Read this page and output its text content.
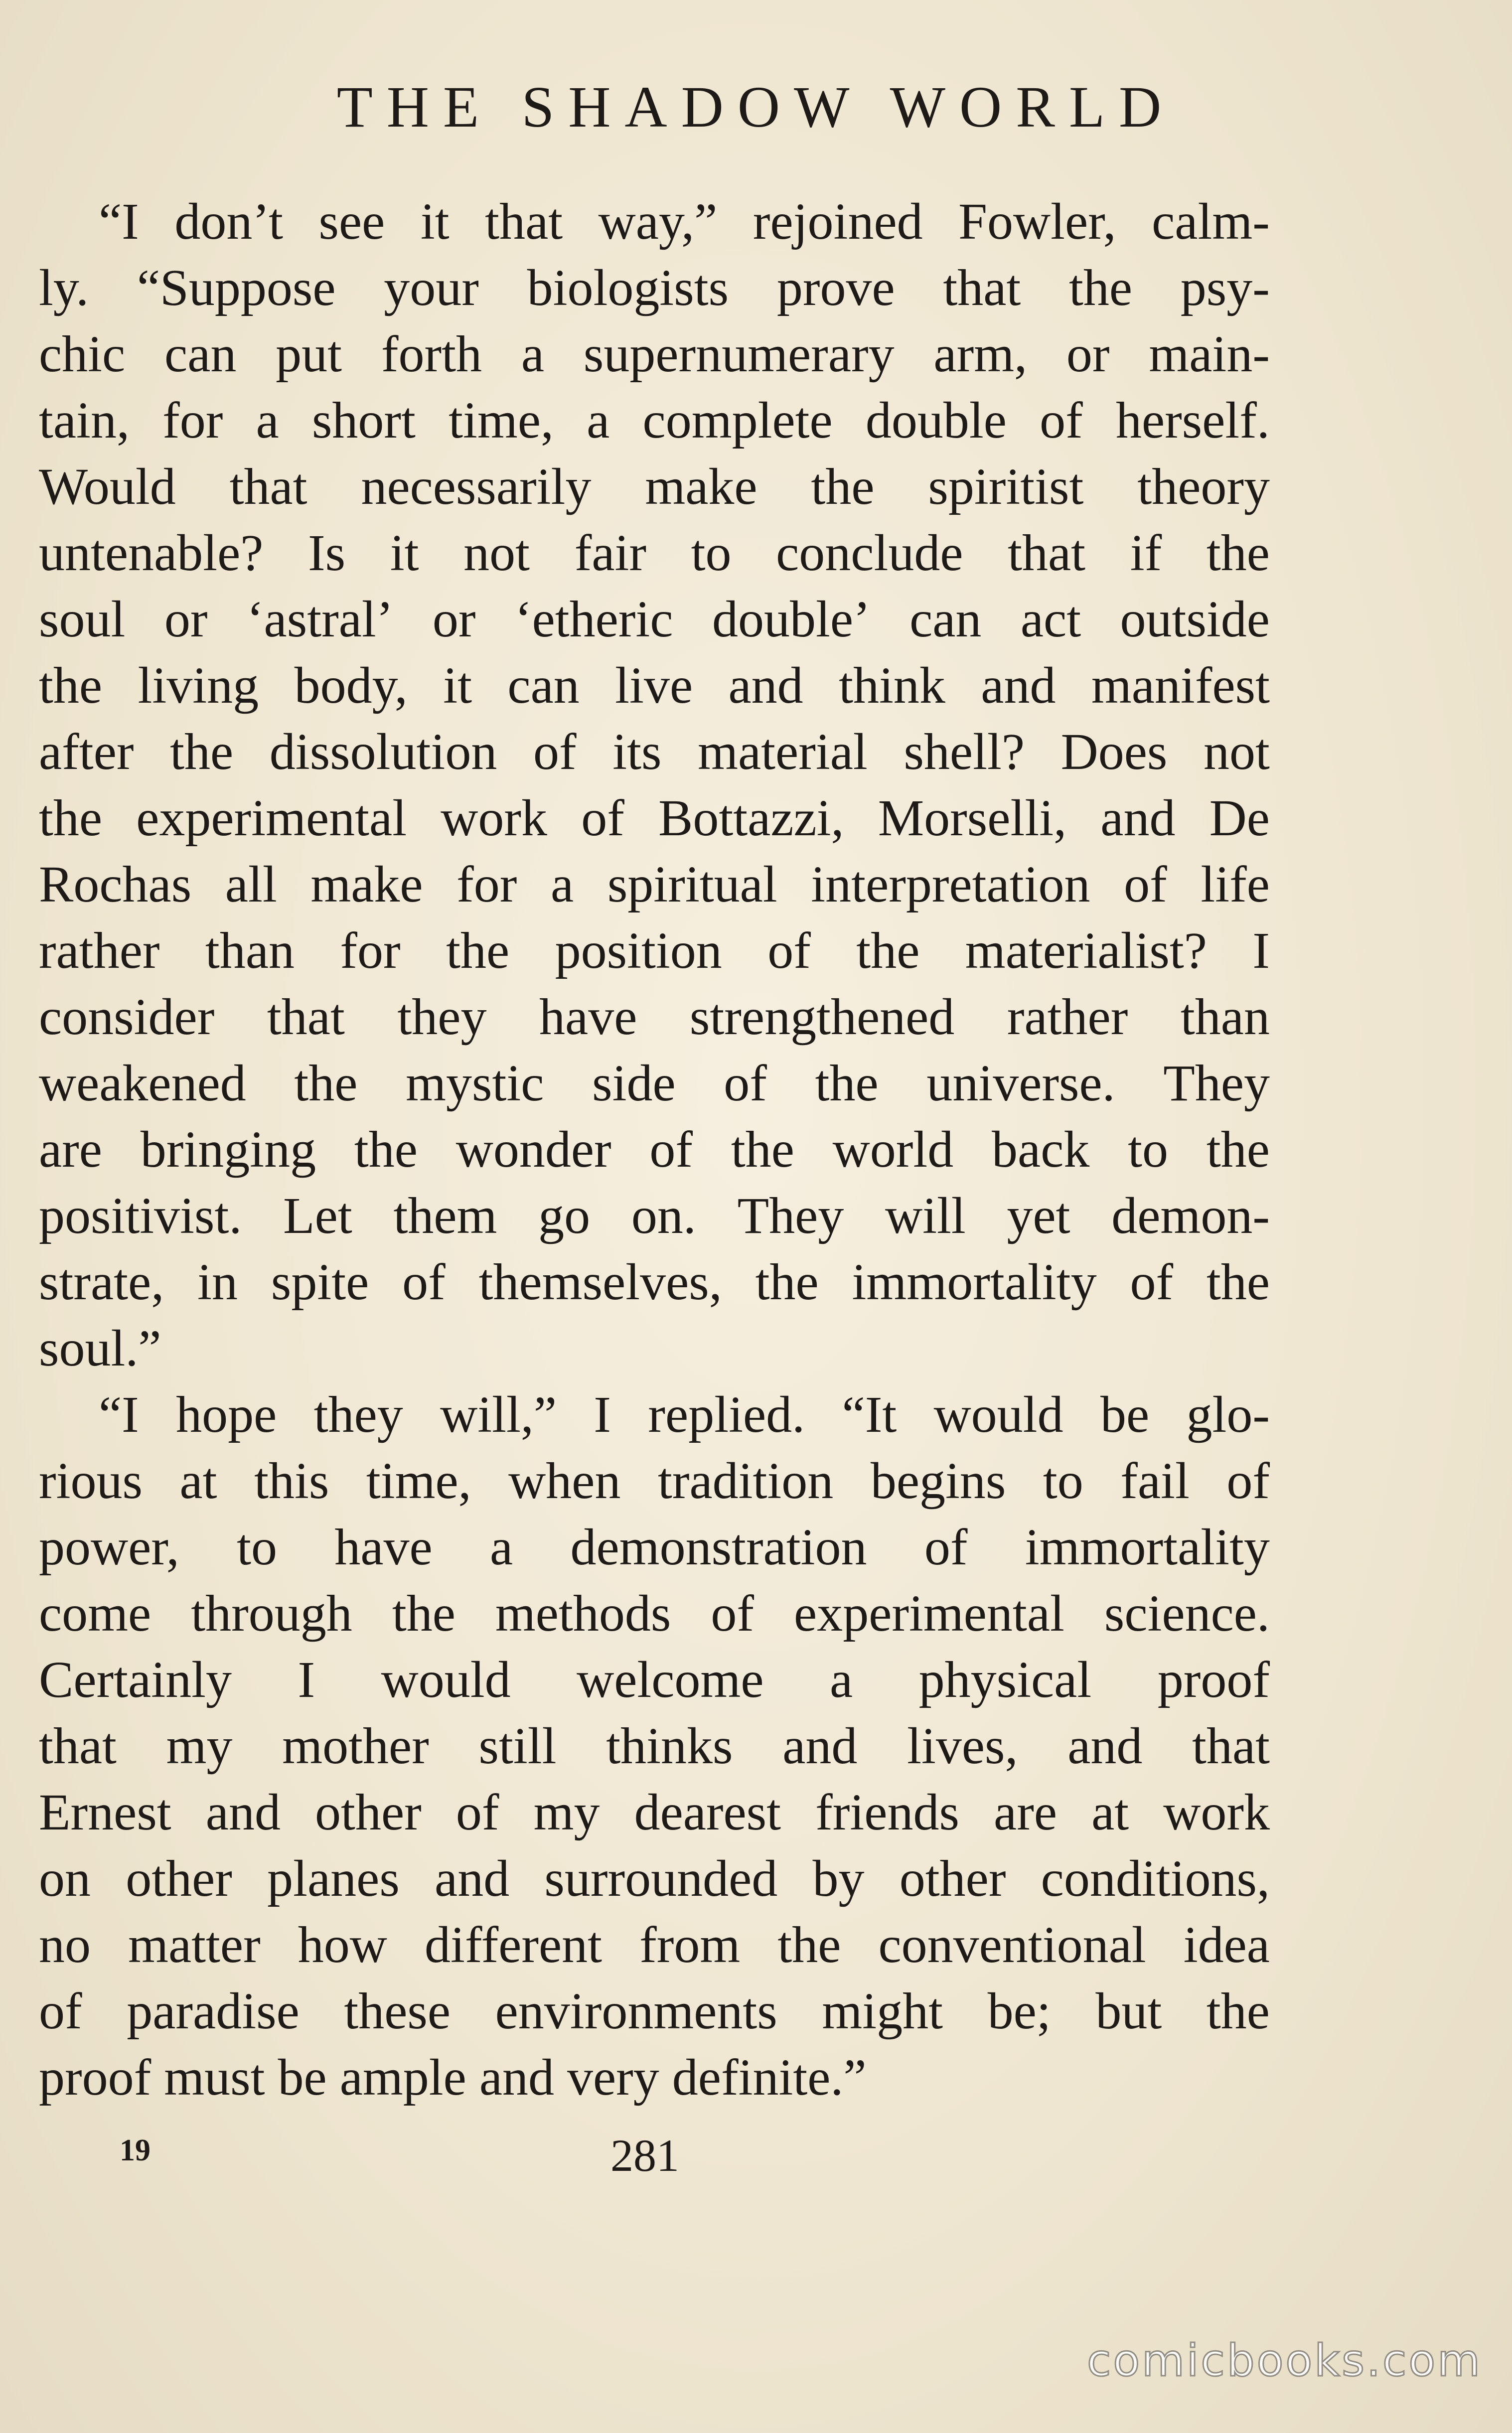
THE SHADOW WORLD
“I don’t see it that way,” rejoined Fowler, calm-
ly. “Suppose your biologists prove that the psy-
chic can put forth a supernumerary arm, or main-
tain, for a short time, a complete double of herself.
Would that necessarily make the spiritist theory
untenable? Is it not fair to conclude that if the
soul or ‘astral’ or ‘etheric double’ can act outside
the living body, it can live and think and manifest
after the dissolution of its material shell? Does not
the experimental work of Bottazzi, Morselli, and De
Rochas all make for a spiritual interpretation of life
rather than for the position of the materialist? I
consider that they have strengthened rather than
weakened the mystic side of the universe. They
are bringing the wonder of the world back to the
positivist. Let them go on. They will yet demon-
strate, in spite of themselves, the immortality of the
soul.”
“I hope they will,” I replied. “It would be glo-
rious at this time, when tradition begins to fail of
power, to have a demonstration of immortality
come through the methods of experimental science.
Certainly I would welcome a physical proof
that my mother still thinks and lives, and that
Ernest and other of my dearest friends are at work
on other planes and surrounded by other conditions,
no matter how different from the conventional idea
of paradise these environments might be; but the
proof must be ample and very definite.”
19	281
comicbooks.com
